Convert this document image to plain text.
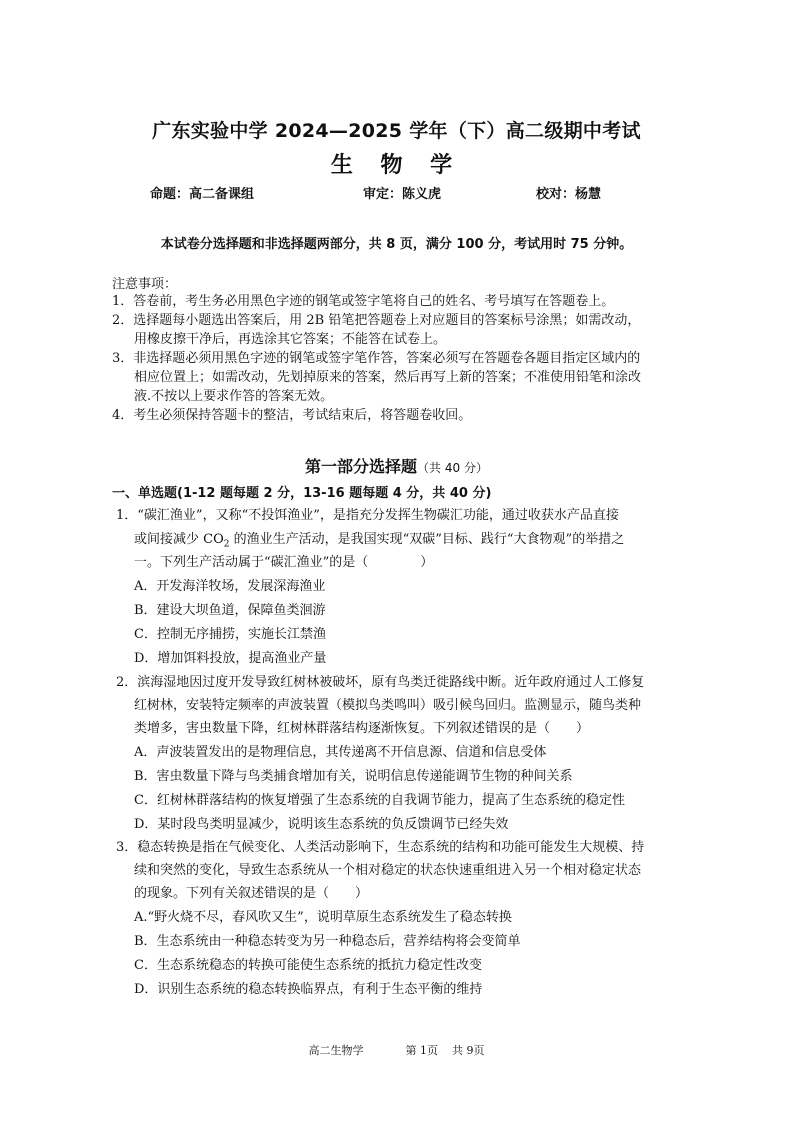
广东实验中学 2024—2025 学年（下）高二级期中考试
生 物 学
命题：高二备课组	审定：陈义虎	校对：杨慧
本试卷分选择题和非选择题两部分，共 8 页，满分 100 分，考试用时 75 分钟。
注意事项：
1．答卷前，考生务必用黑色字迹的钢笔或签字笔将自己的姓名、考号填写在答题卷上。
2．选择题每小题选出答案后，用 2B 铅笔把答题卷上对应题目的答案标号涂黑；如需改动，
用橡皮擦干净后，再选涂其它答案；不能答在试卷上。
3．非选择题必须用黑色字迹的钢笔或签字笔作答，答案必须写在答题卷各题目指定区域内的
相应位置上；如需改动，先划掉原来的答案，然后再写上新的答案；不准使用铅笔和涂改
液.不按以上要求作答的答案无效。
4．考生必须保持答题卡的整洁，考试结束后，将答题卷收回。
第一部分选择题（共 40 分）
一、单选题(1-12 题每题 2 分，13-16 题每题 4 分，共 40 分)
1．“碳汇渔业”，又称“不投饵渔业”，是指充分发挥生物碳汇功能，通过收获水产品直接
或间接减少 $CO_2$ 的渔业生产活动，是我国实现“双碳”目标、践行“大食物观”的举措之
一。下列生产活动属于“碳汇渔业”的是（　　　　）
A．开发海洋牧场，发展深海渔业
B．建设大坝鱼道，保障鱼类洄游
C．控制无序捕捞，实施长江禁渔
D．增加饵料投放，提高渔业产量
2．滨海湿地因过度开发导致红树林被破坏，原有鸟类迁徙路线中断。近年政府通过人工修复
红树林，安装特定频率的声波装置（模拟鸟类鸣叫）吸引候鸟回归。监测显示，随鸟类种
类增多，害虫数量下降，红树林群落结构逐渐恢复。下列叙述错误的是（　　）
A．声波装置发出的是物理信息，其传递离不开信息源、信道和信息受体
B．害虫数量下降与鸟类捕食增加有关，说明信息传递能调节生物的种间关系
C．红树林群落结构的恢复增强了生态系统的自我调节能力，提高了生态系统的稳定性
D．某时段鸟类明显减少，说明该生态系统的负反馈调节已经失效
3．稳态转换是指在气候变化、人类活动影响下，生态系统的结构和功能可能发生大规模、持
续和突然的变化，导致生态系统从一个相对稳定的状态快速重组进入另一个相对稳定状态
的现象。下列有关叙述错误的是（　　）
A.“野火烧不尽，春风吹又生”，说明草原生态系统发生了稳态转换
B．生态系统由一种稳态转变为另一种稳态后，营养结构将会变简单
C．生态系统稳态的转换可能使生态系统的抵抗力稳定性改变
D．识别生态系统的稳态转换临界点，有利于生态平衡的维持
高二生物学            第 1页    共 9页
